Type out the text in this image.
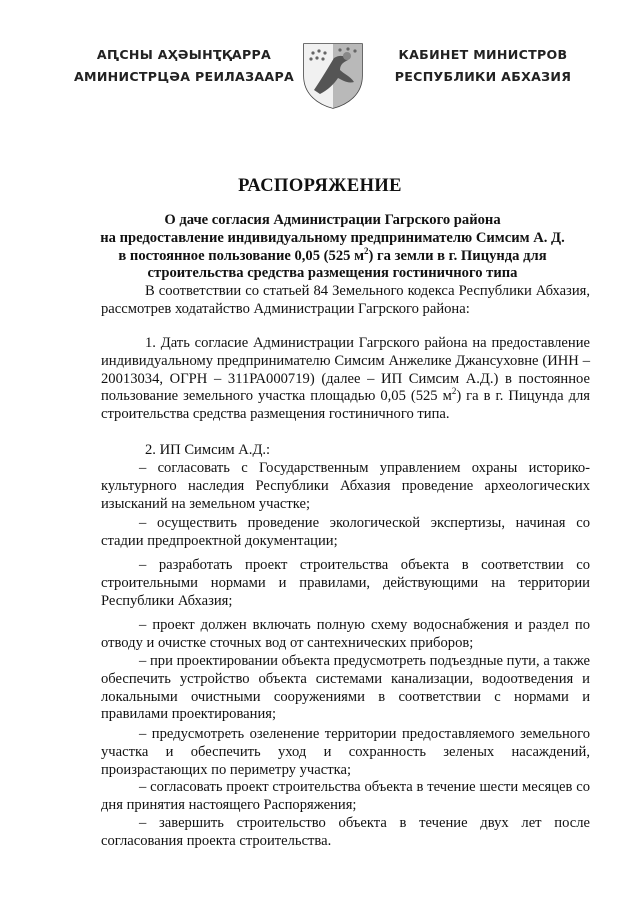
АԤСНЫ АҲӘЫНҬҚАРРА
АМИНИСТРЦӘА РЕИЛАЗААРА
КАБИНЕТ МИНИСТРОВ
РЕСПУБЛИКИ АБХАЗИЯ
РАСПОРЯЖЕНИЕ
О даче согласия Администрации Гагрского района
на предоставление индивидуальному предпринимателю Симсим А. Д.
в постоянное пользование 0,05 (525 $м^2$) га земли в г. Пицунда для
строительства средства размещения гостиничного типа

В соответствии со статьей 84 Земельного кодекса Республики Абхазия, рассмотрев ходатайство Администрации Гагрского района:

1. Дать согласие Администрации Гагрского района на предоставление индивидуальному предпринимателю Симсим Анжелике Джансуховне (ИНН – 20013034, ОГРН – 311РА000719) (далее – ИП Симсим А.Д.) в постоянное пользование земельного участка площадью 0,05 (525 $м^2$) га в г. Пицунда для строительства средства размещения гостиничного типа.

2. ИП Симсим А.Д.:

– согласовать с Государственным управлением охраны историко-культурного наследия Республики Абхазия проведение археологических изысканий на земельном участке;

– осуществить проведение экологической экспертизы, начиная со стадии предпроектной документации;

– разработать проект строительства объекта в соответствии со строительными нормами и правилами, действующими на территории Республики Абхазия;

– проект должен включать полную схему водоснабжения и раздел по отводу и очистке сточных вод от сантехнических приборов;

– при проектировании объекта предусмотреть подъездные пути, а также обеспечить устройство объекта системами канализации, водоотведения и локальными очистными сооружениями в соответствии с нормами и правилами проектирования;

– предусмотреть озеленение территории предоставляемого земельного участка и обеспечить уход и сохранность зеленых насаждений, произрастающих по периметру участка;

– согласовать проект строительства объекта в течение шести месяцев со дня принятия настоящего Распоряжения;

– завершить строительство объекта в течение двух лет после согласования проекта строительства.
